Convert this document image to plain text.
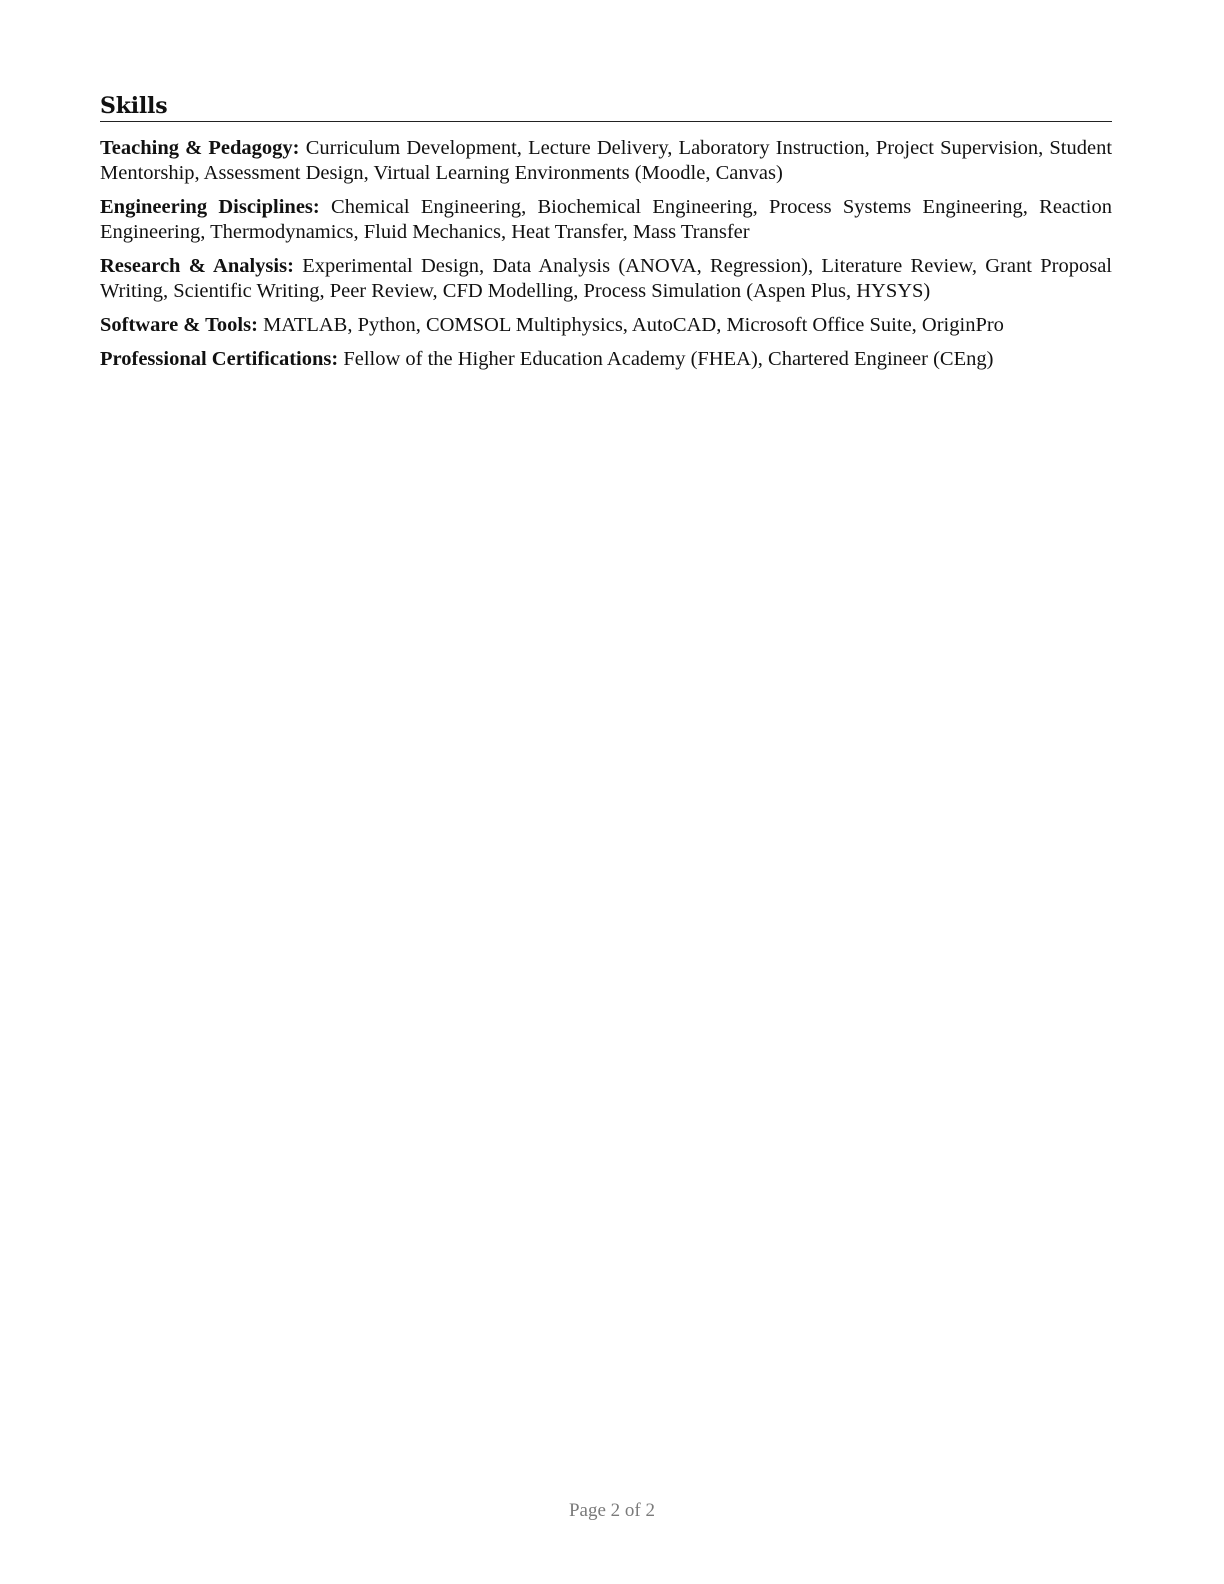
Skills

Teaching & Pedagogy: Curriculum Development, Lecture Delivery, Laboratory Instruction, Project Supervision, Student Mentorship, Assessment Design, Virtual Learning Environments (Moodle, Canvas)

Engineering Disciplines: Chemical Engineering, Biochemical Engineering, Process Systems Engineering, Reaction Engineering, Thermodynamics, Fluid Mechanics, Heat Transfer, Mass Transfer

Research & Analysis: Experimental Design, Data Analysis (ANOVA, Regression), Literature Review, Grant Proposal Writing, Scientific Writing, Peer Review, CFD Modelling, Process Simulation (Aspen Plus, HYSYS)

Software & Tools: MATLAB, Python, COMSOL Multiphysics, AutoCAD, Microsoft Office Suite, OriginPro

Professional Certifications: Fellow of the Higher Education Academy (FHEA), Chartered Engineer (CEng)

Page 2 of 2
